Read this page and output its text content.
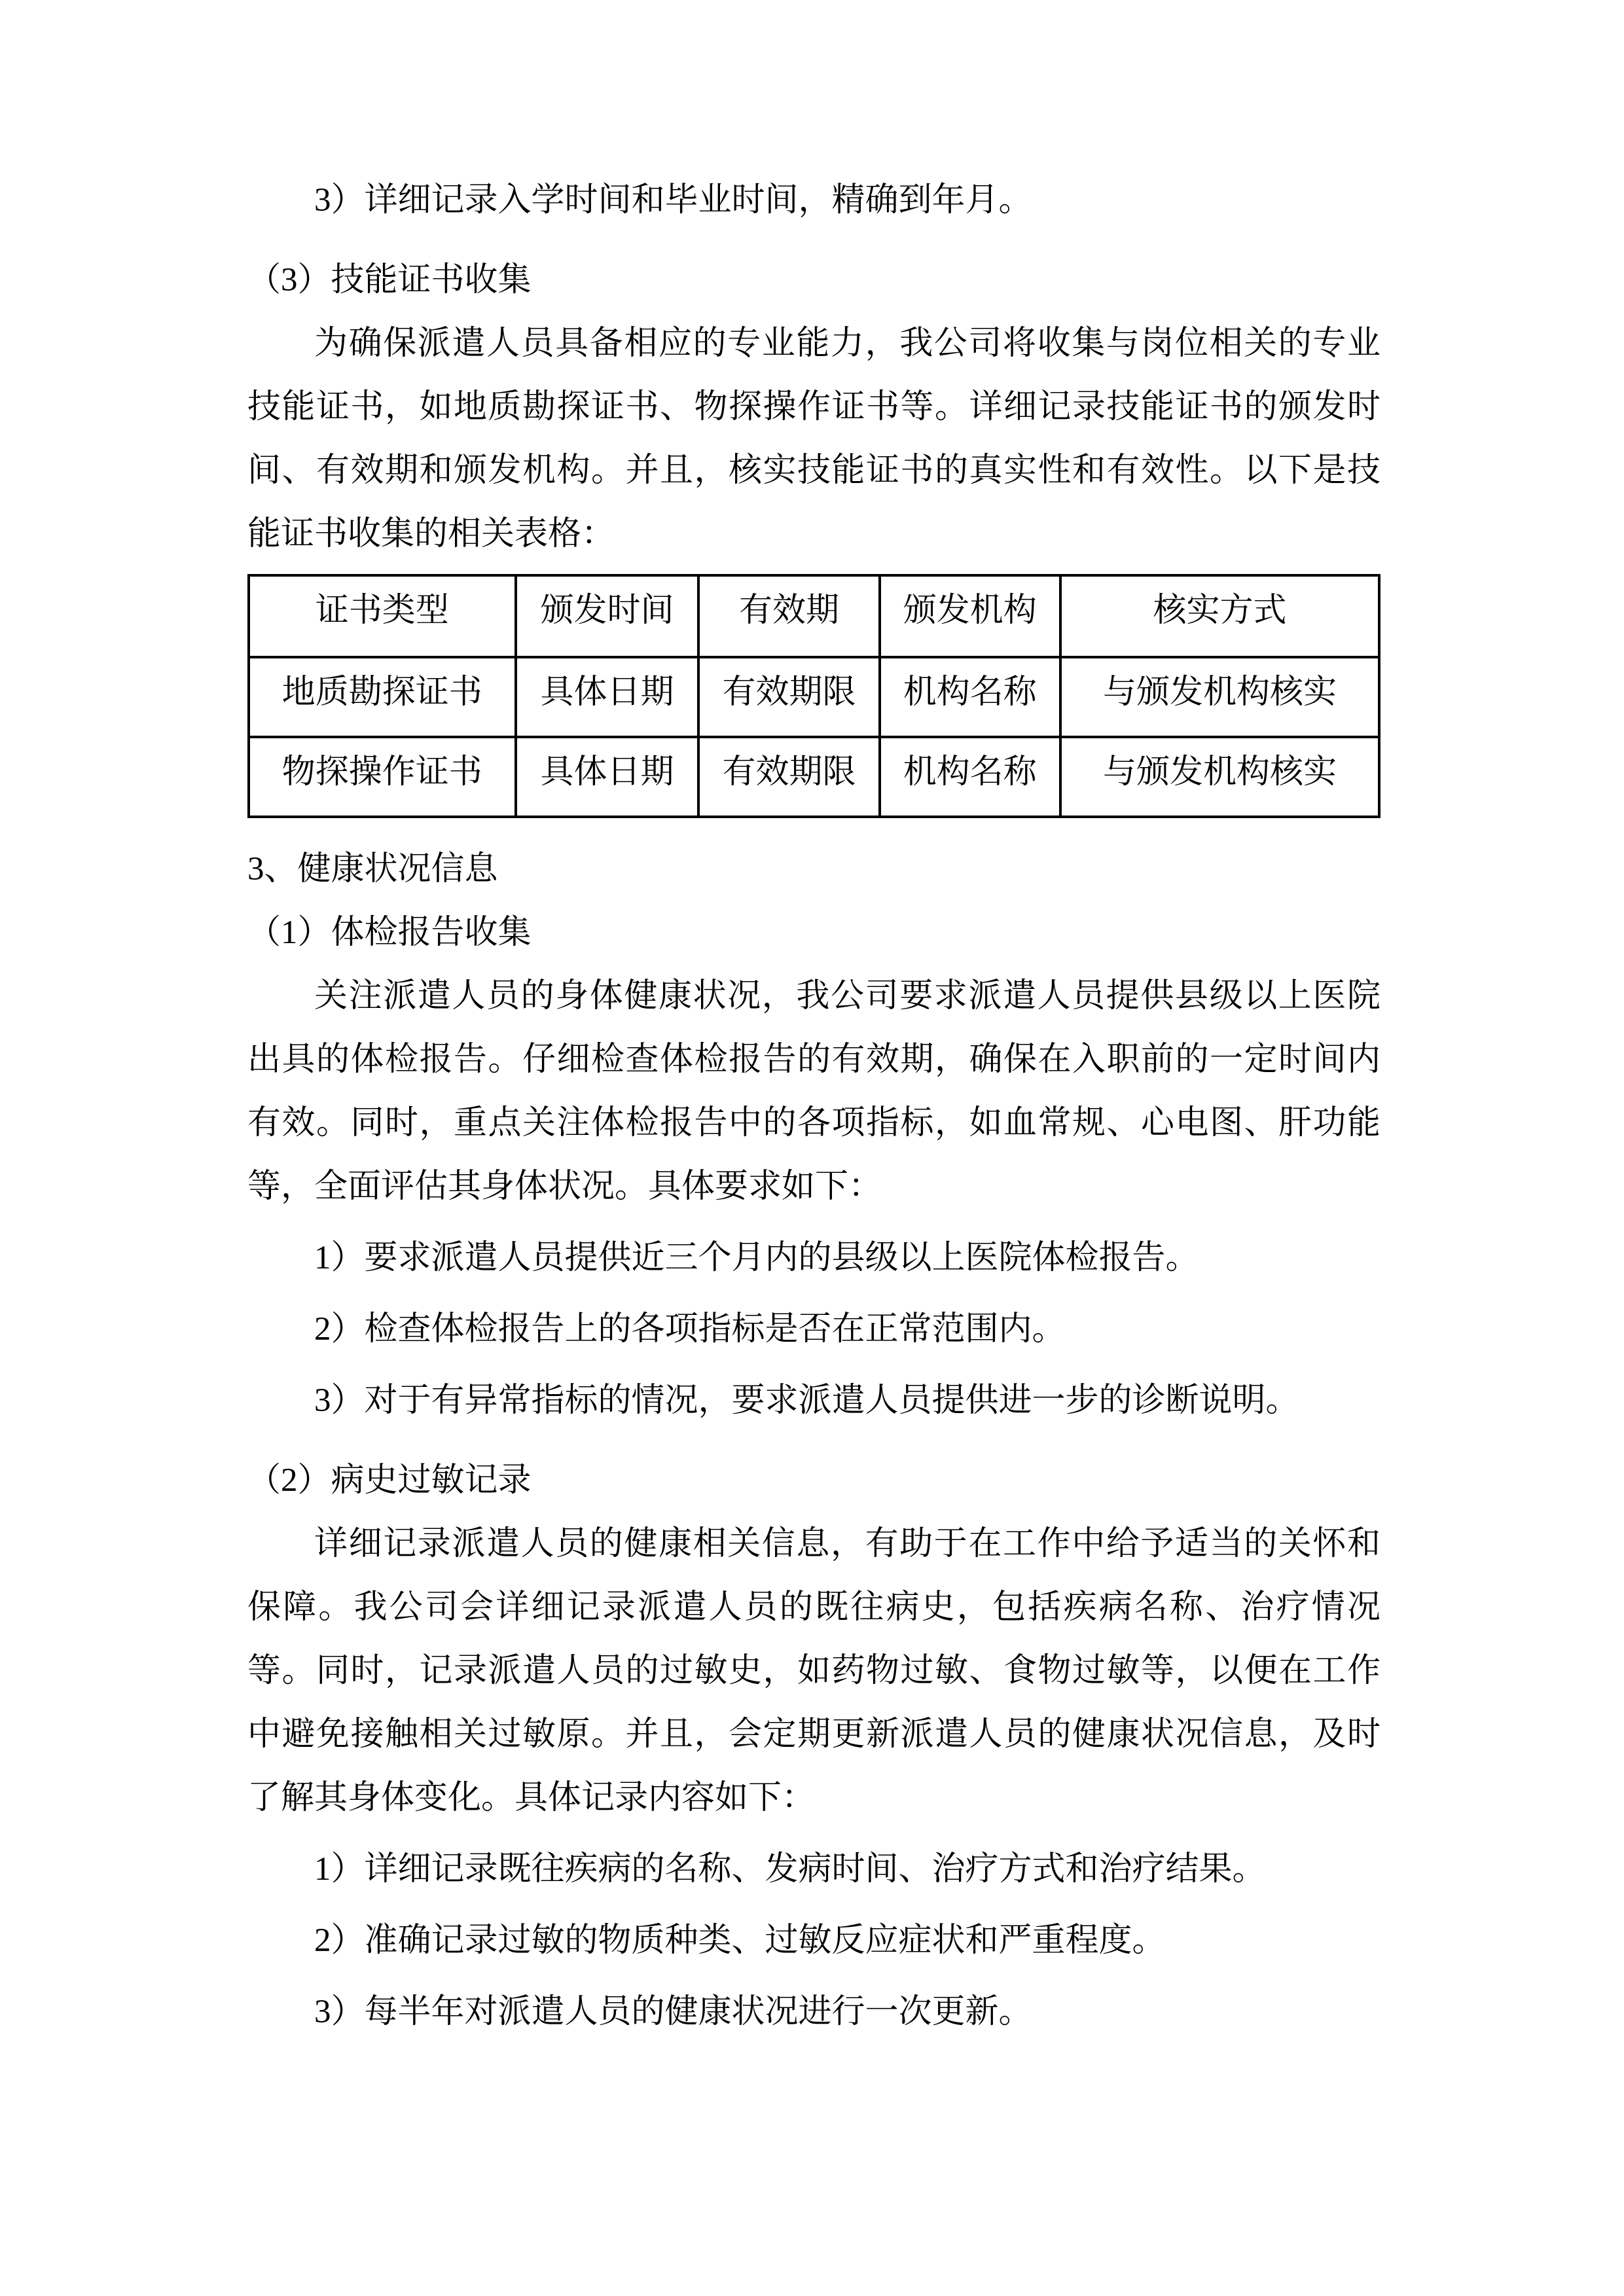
3）详细记录入学时间和毕业时间，精确到年月。

（3）技能证书收集

为确保派遣人员具备相应的专业能力，我公司将收集与岗位相关的专业技能证书，如地质勘探证书、物探操作证书等。详细记录技能证书的颁发时间、有效期和颁发机构。并且，核实技能证书的真实性和有效性。以下是技能证书收集的相关表格：

证书类型	颁发时间	有效期	颁发机构	核实方式
地质勘探证书	具体日期	有效期限	机构名称	与颁发机构核实
物探操作证书	具体日期	有效期限	机构名称	与颁发机构核实

3、健康状况信息

（1）体检报告收集

关注派遣人员的身体健康状况，我公司要求派遣人员提供县级以上医院出具的体检报告。仔细检查体检报告的有效期，确保在入职前的一定时间内有效。同时，重点关注体检报告中的各项指标，如血常规、心电图、肝功能等，全面评估其身体状况。具体要求如下：

1）要求派遣人员提供近三个月内的县级以上医院体检报告。

2）检查体检报告上的各项指标是否在正常范围内。

3）对于有异常指标的情况，要求派遣人员提供进一步的诊断说明。

（2）病史过敏记录

详细记录派遣人员的健康相关信息，有助于在工作中给予适当的关怀和保障。我公司会详细记录派遣人员的既往病史，包括疾病名称、治疗情况等。同时，记录派遣人员的过敏史，如药物过敏、食物过敏等，以便在工作中避免接触相关过敏原。并且，会定期更新派遣人员的健康状况信息，及时了解其身体变化。具体记录内容如下：

1）详细记录既往疾病的名称、发病时间、治疗方式和治疗结果。

2）准确记录过敏的物质种类、过敏反应症状和严重程度。

3）每半年对派遣人员的健康状况进行一次更新。
